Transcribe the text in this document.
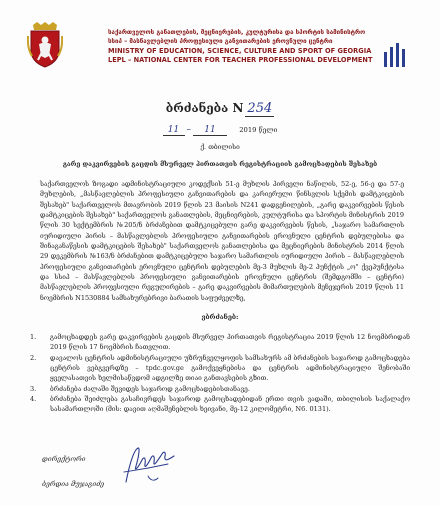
საქართველოს განათლების, მეცნიერების, კულტურისა და სპორტის სამინისტრო
სსიპ – მასწავლებლის პროფესიული განვითარების ეროვნული ცენტრი
MINISTRY OF EDUCATION, SCIENCE, CULTURE AND SPORT OF GEORGIA
LEPL – NATIONAL CENTER FOR TEACHER PROFESSIONAL DEVELOPMENT
ბრძანება N 254
11 – 11	2019 წელი
ქ. თბილისი
გარე დაკვირვების გაცდის მსურველ პირთათვის რეგისტრაციის გამოცხადების შესახებ
საქართველოს ზოგადი ადმინისტრაციული კოდექსის 51-ე მუხლის პირველი ნაწილის, 52-ე, 56-ე და 57-ე მუხლების, „მასწავლებლის პროფესიული განვითარების და კარიერული წინსვლის სქემის დამტკიცების შესახებ" საქართველოს მთავრობის 2019 წლის 23 მაისის N241 დადგენილების, „გარე დაკვირვების წესის დამტკიცების შესახებ" საქართველოს განათლების, მეცნიერების, კულტურისა და სპორტის მინისტრის 2019 წლის 30 სექტემბრის №205/ნ ბრძანებით დამტკიცებული გარე დაკვირვების წესის, „საჯარო სამართლის იურიდიული პირის – მასწავლებლის პროფესიული განვითარების ეროვნული ცენტრის დებულებისა და შინაგანაწესის დამტკიცების შესახებ" საქართველოს განათლებისა და მეცნიერების მინისტრის 2014 წლის 29 დეკემბრის №163/ნ ბრძანებით დამტკიცებული საჯარო სამართლის იურიდიული პირის – მასწავლებლის პროფესიული განვითარების ეროვნული ცენტრის დებულების მე-3 მუხლის მე-2 პუნქტის „ო" ქვეპუნქტისა და სსიპ – მასწავლებლის პროფესიული განვითარების ეროვნული ცენტრის (შემდგომში – ცენტრი) მასწავლებლის პროფესიული რეგულირების – გარე დაკვირვების მიმართულების მენეჯერის 2019 წლის 11 ნოემბრის N1530884 სამსახურებრივი ბარათის საფუძველზე,
ვბრძანებ:
1. გამოცხადდეს გარე დაკვირვების გაცდის მსურველ პირთათვის რეგისტრაცია 2019 წლის 12 ნოემბრიდან 2019 წლის 17 ნოემბრის ჩათვლით.
2. დავალოს ცენტრის ადმინისტრაციული უზრუნველყოფის სამსახურს ამ ბრძანების საჯაროდ გამოცხადება ცენტრის ვებგვერდზე – tpdc.gov.ge გამოქვეყნებისა და ცენტრის ადმინისტრაციული შენობაში ყველასათვის ხელმისაწვდომ ადგილზე თიაი განთავსების გზით.
3. ბრძანება ძალაში შევიდეს საჯაროდ გამოცხადებისთანავე.
4. ბრძანება შეიძლება გასაჩივრდეს საჯაროდ გამოცხადებიდან ერთი თვის ვადაში, თბილისის საქალაქო სასამართლოში (მის: დავით აღმაშენებლის ხეივანი, მე-12 კილომეტრი, N6. 0131).
დირექტორი
ბერდია მუჯაგიძე
